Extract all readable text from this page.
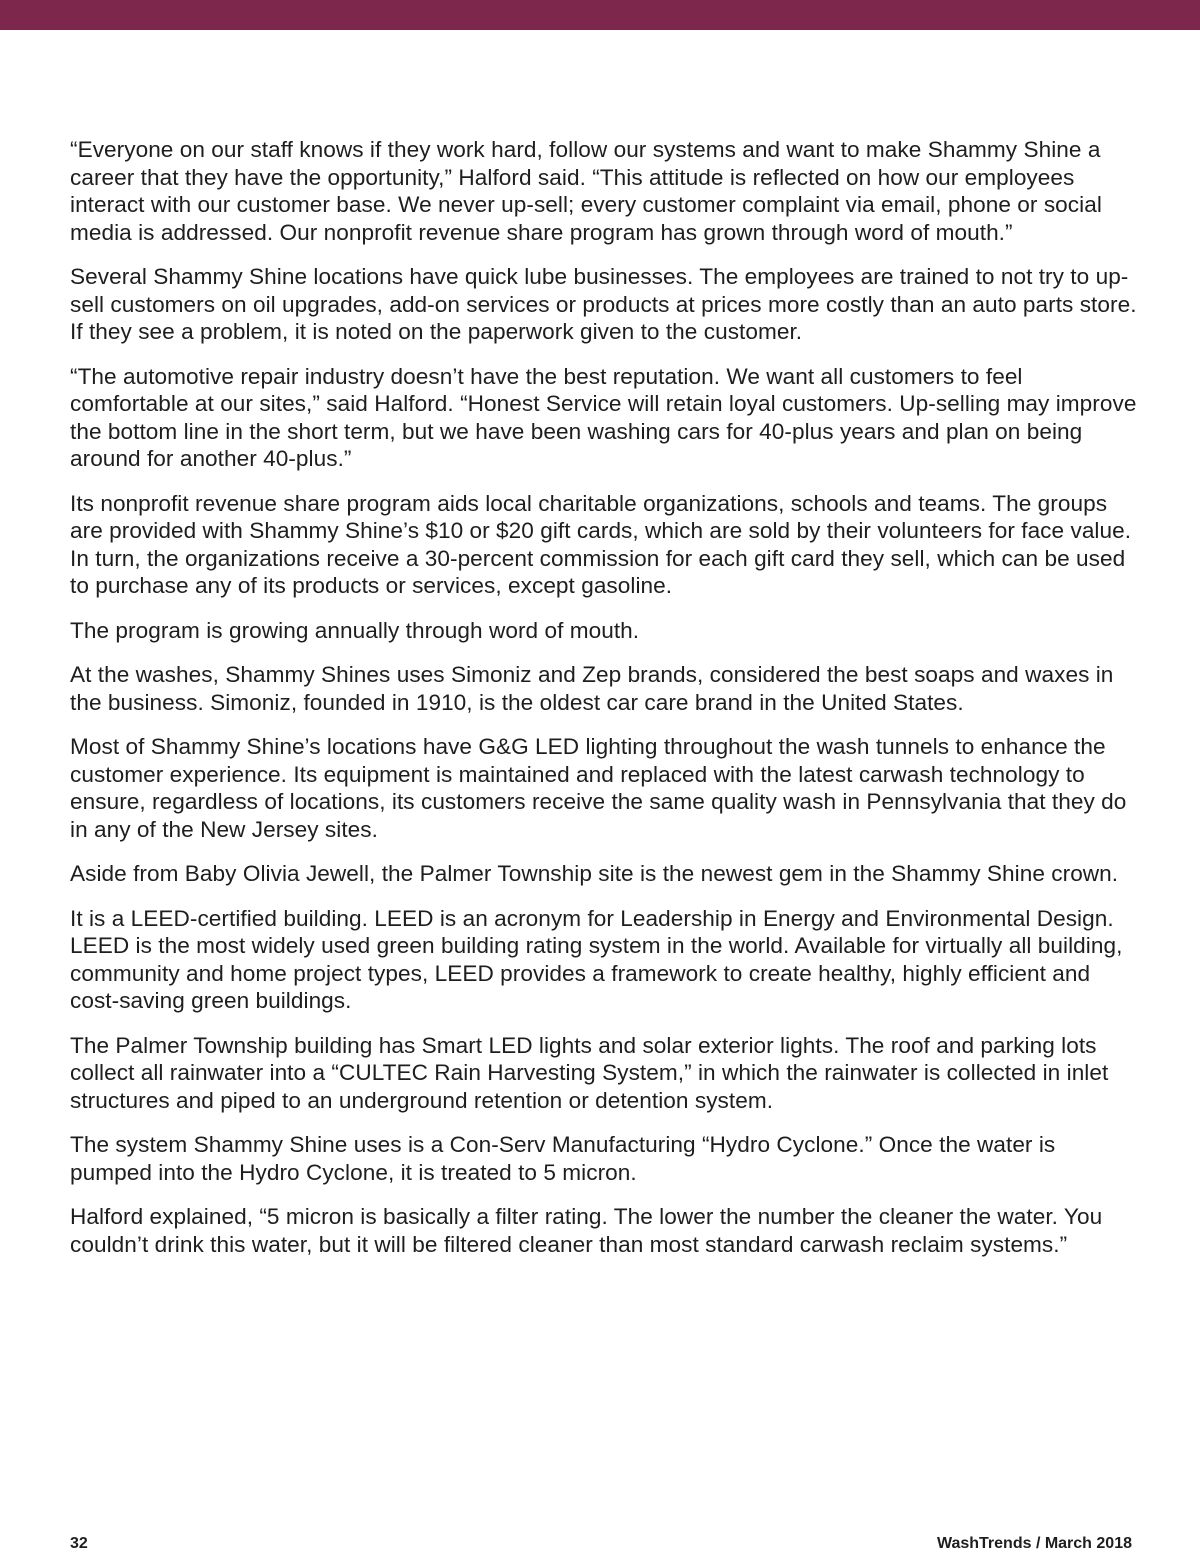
“Everyone on our staff knows if they work hard, follow our systems and want to make Shammy Shine a career that they have the opportunity,” Halford said. “This attitude is reflected on how our employees interact with our customer base. We never up-sell; every customer complaint via email, phone or social media is addressed. Our nonprofit revenue share program has grown through word of mouth.”

Several Shammy Shine locations have quick lube businesses. The employees are trained to not try to up-sell customers on oil upgrades, add-on services or products at prices more costly than an auto parts store. If they see a problem, it is noted on the paperwork given to the customer.

“The automotive repair industry doesn’t have the best reputation. We want all customers to feel comfortable at our sites,” said Halford. “Honest Service will retain loyal customers. Up-selling may improve the bottom line in the short term, but we have been washing cars for 40-plus years and plan on being around for another 40-plus.”

Its nonprofit revenue share program aids local charitable organizations, schools and teams. The groups are provided with Shammy Shine’s $10 or $20 gift cards, which are sold by their volunteers for face value. In turn, the organizations receive a 30-percent commission for each gift card they sell, which can be used to purchase any of its products or services, except gasoline.

The program is growing annually through word of mouth.

At the washes, Shammy Shines uses Simoniz and Zep brands, considered the best soaps and waxes in the business. Simoniz, founded in 1910, is the oldest car care brand in the United States.

Most of Shammy Shine’s locations have G&G LED lighting throughout the wash tunnels to enhance the customer experience. Its equipment is maintained and replaced with the latest carwash technology to ensure, regardless of locations, its customers receive the same quality wash in Pennsylvania that they do in any of the New Jersey sites.

Aside from Baby Olivia Jewell, the Palmer Township site is the newest gem in the Shammy Shine crown.

It is a LEED-certified building. LEED is an acronym for Leadership in Energy and Environmental Design. LEED is the most widely used green building rating system in the world. Available for virtually all building, community and home project types, LEED provides a framework to create healthy, highly efficient and cost-saving green buildings.

The Palmer Township building has Smart LED lights and solar exterior lights. The roof and parking lots collect all rainwater into a “CULTEC Rain Harvesting System,” in which the rainwater is collected in inlet structures and piped to an underground retention or detention system.

The system Shammy Shine uses is a Con-Serv Manufacturing “Hydro Cyclone.” Once the water is pumped into the Hydro Cyclone, it is treated to 5 micron.

Halford explained, “5 micron is basically a filter rating. The lower the number the cleaner the water. You couldn’t drink this water, but it will be filtered cleaner than most standard carwash reclaim systems.”

32	WashTrends / March 2018
